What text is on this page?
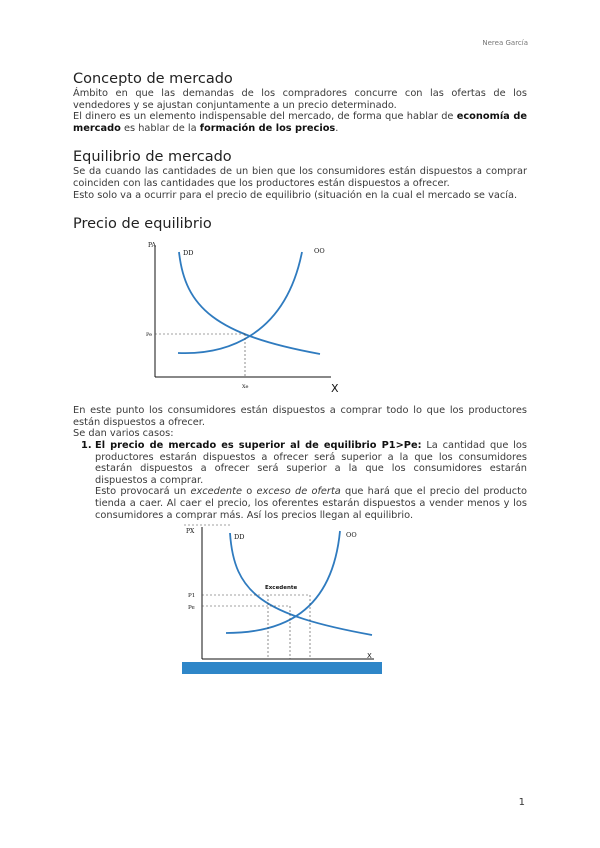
Nerea García
Concepto de mercado

Ámbito en que las demandas de los compradores concurre con las ofertas de los vendedores y se ajustan conjuntamente a un precio determinado.

El dinero es un elemento indispensable del mercado, de forma que hablar de economía de mercado es hablar de la formación de los precios.

Equilibrio de mercado

Se da cuando las cantidades de un bien que los consumidores están dispuestos a comprar coinciden con las cantidades que los productores están dispuestos a ofrecer.

Esto solo va a ocurrir para el precio de equilibrio (situación en la cual el mercado se vacía.

Precio de equilibrio
PA
X
DD	OO
Pe
Xe

En este punto los consumidores están dispuestos a comprar todo lo que los productores están dispuestos a ofrecer.

Se dan varios casos:

1. El precio de mercado es superior al de equilibrio P1>Pe: La cantidad que los productores estarán dispuestos a ofrecer será superior a la que los consumidores estarán dispuestos a ofrecer será superior a la que los consumidores estarán dispuestos a comprar.

Esto provocará un excedente o exceso de oferta que hará que el precio del producto tienda a caer. Al caer el precio, los oferentes estarán dispuestos a vender menos y los consumidores a comprar más. Así los precios llegan al equilibrio.

PX
X
DD	OO
Excedente
P1
Pe
1
